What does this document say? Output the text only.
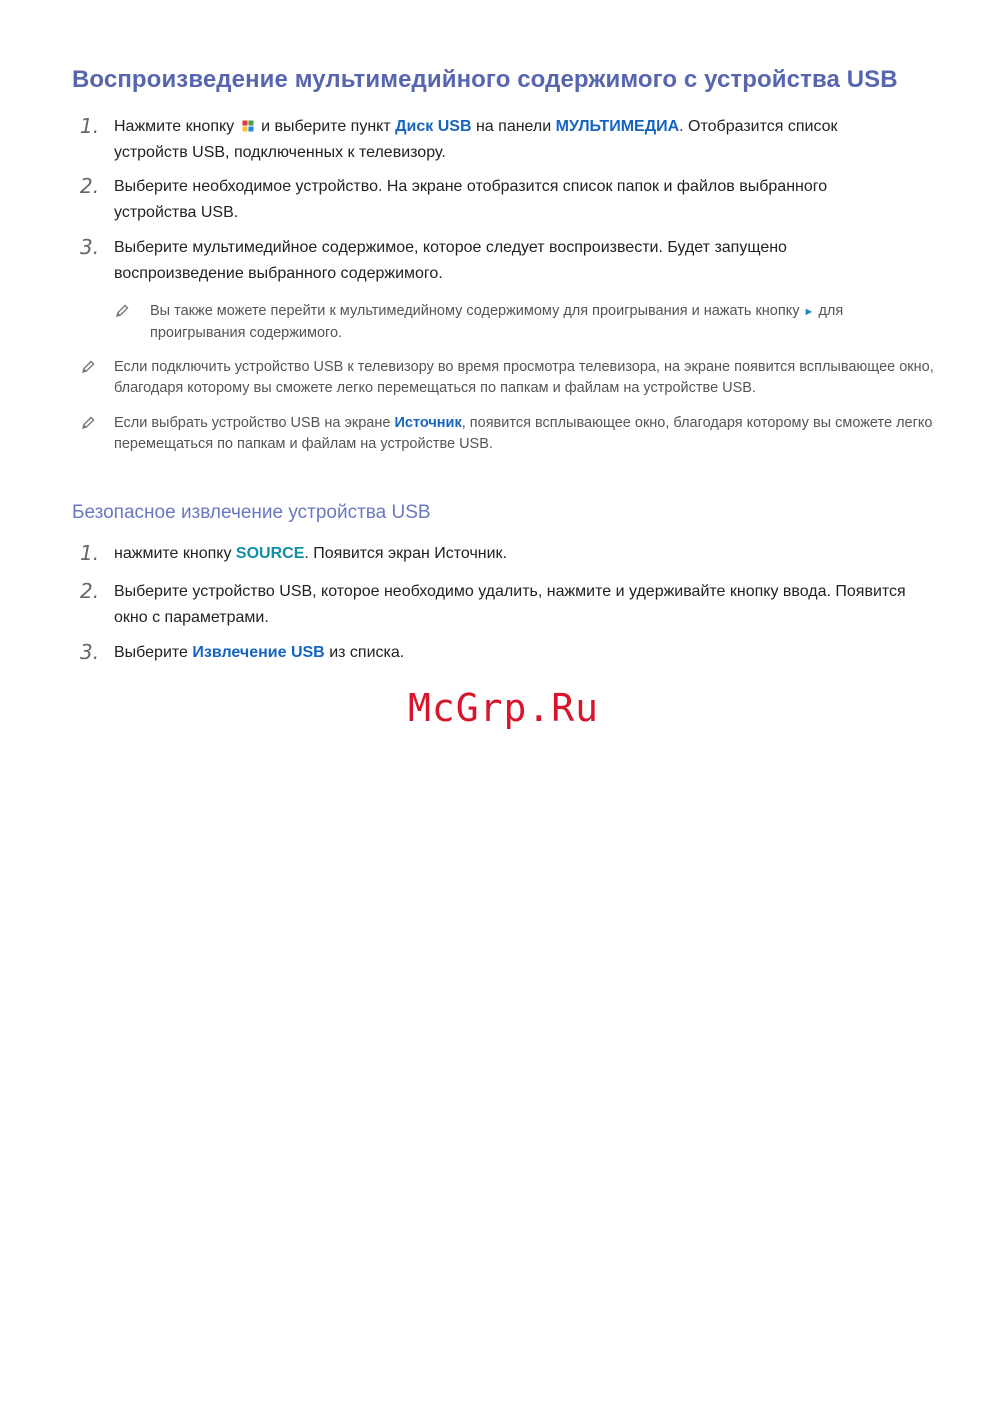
Воспроизведение мультимедийного содержимого с устройства USB
1. Нажмите кнопку и выберите пункт Диск USB на панели МУЛЬТИМЕДИА. Отобразится список устройств USB, подключенных к телевизору.
2. Выберите необходимое устройство. На экране отобразится список папок и файлов выбранного устройства USB.
3. Выберите мультимедийное содержимое, которое следует воспроизвести. Будет запущено воспроизведение выбранного содержимого.
Вы также можете перейти к мультимедийному содержимому для проигрывания и нажать кнопку ► для проигрывания содержимого.
Если подключить устройство USB к телевизору во время просмотра телевизора, на экране появится всплывающее окно, благодаря которому вы сможете легко перемещаться по папкам и файлам на устройстве USB.
Если выбрать устройство USB на экране Источник, появится всплывающее окно, благодаря которому вы сможете легко перемещаться по папкам и файлам на устройстве USB.
Безопасное извлечение устройства USB
1. нажмите кнопку SOURCE. Появится экран Источник.
2. Выберите устройство USB, которое необходимо удалить, нажмите и удерживайте кнопку ввода. Появится окно с параметрами.
3. Выберите Извлечение USB из списка.
McGrp.Ru
